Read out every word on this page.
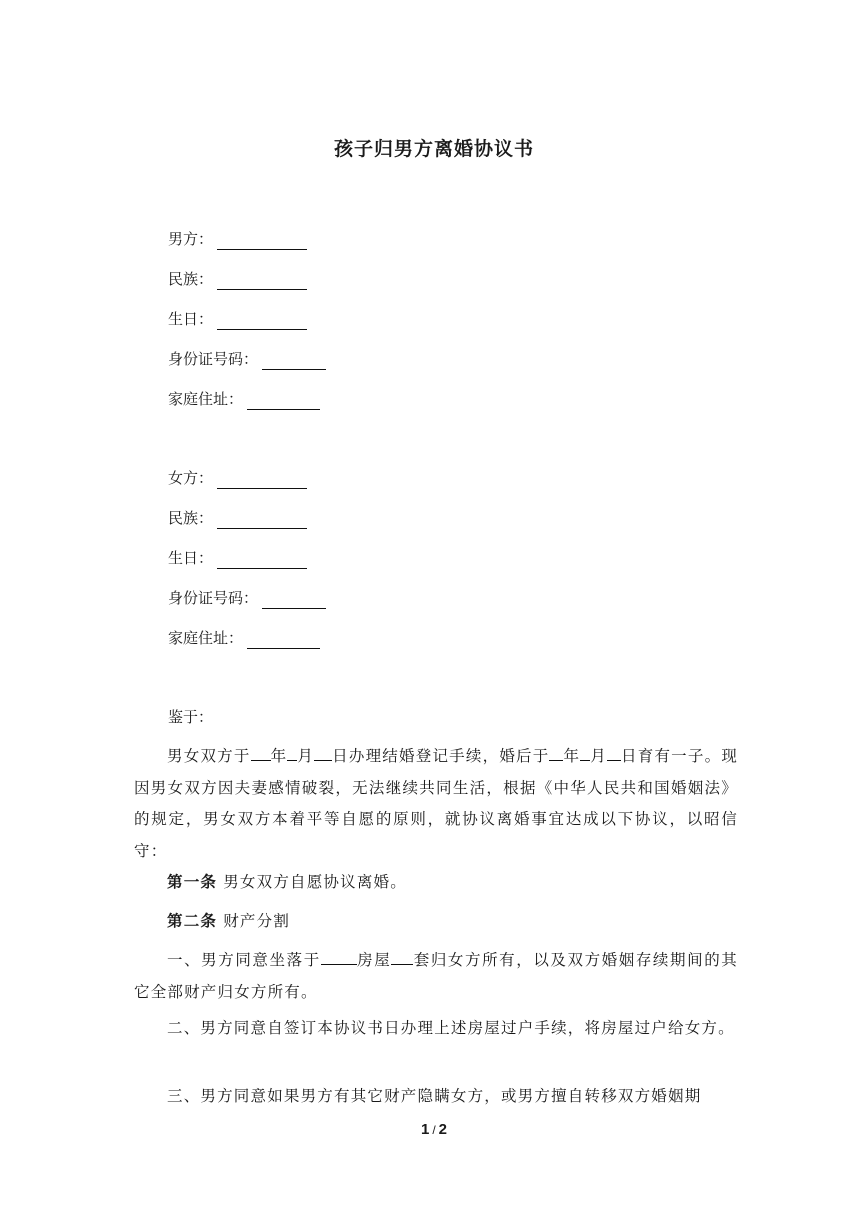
孩子归男方离婚协议书
男方：
民族：
生日：
身份证号码：
家庭住址：
女方：
民族：
生日：
身份证号码：
家庭住址：
鉴于：
男女双方于 年 月 日办理结婚登记手续，婚后于 年 月 日育有一子。现因男女双方因夫妻感情破裂，无法继续共同生活，根据《中华人民共和国婚姻法》的规定，男女双方本着平等自愿的原则，就协议离婚事宜达成以下协议，以昭信守：
第一条 男女双方自愿协议离婚。
第二条 财产分割
一、男方同意坐落于 房屋 套归女方所有，以及双方婚姻存续期间的其它全部财产归女方所有。
二、男方同意自签订本协议书日办理上述房屋过户手续，将房屋过户给女方。
三、男方同意如果男方有其它财产隐瞒女方，或男方擅自转移双方婚姻期
1 / 2
